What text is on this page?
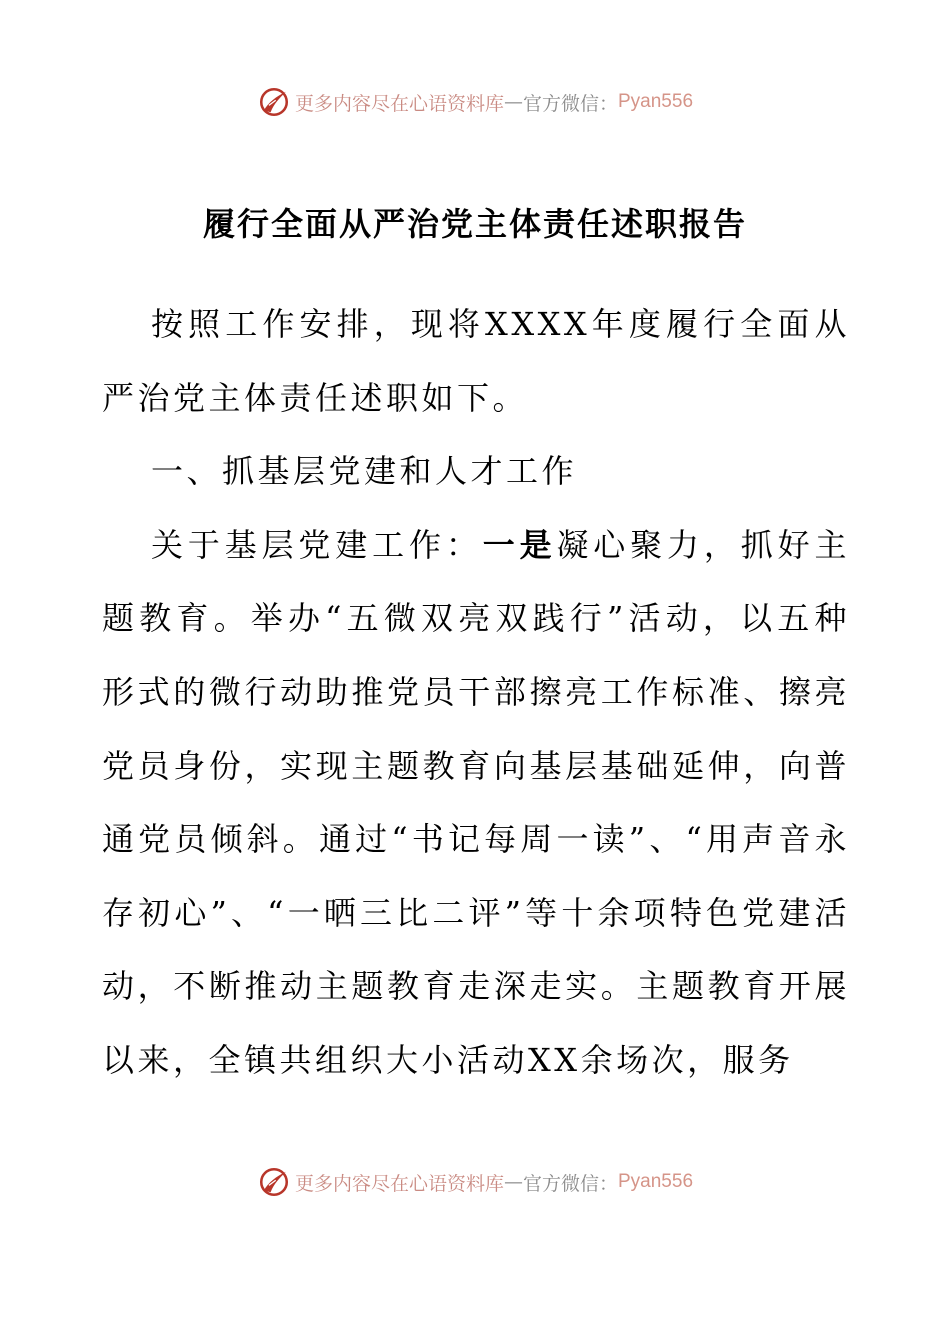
更多内容尽在心语资料库 — 官方微信： Pyan556
履行全面从严治党主体责任述职报告

按照工作安排，现将XXXX年度履行全面从严治党主体责任述职如下。

一、抓基层党建和人才工作

关于基层党建工作：一是凝心聚力，抓好主题教育。举办“五微双亮双践行”活动，以五种形式的微行动助推党员干部擦亮工作标准、擦亮党员身份，实现主题教育向基层基础延伸，向普通党员倾斜。通过“书记每周一读”、“用声音永存初心”、“一晒三比二评”等十余项特色党建活动，不断推动主题教育走深走实。主题教育开展以来，全镇共组织大小活动XX余场次，服务

更多内容尽在心语资料库 — 官方微信： Pyan556
